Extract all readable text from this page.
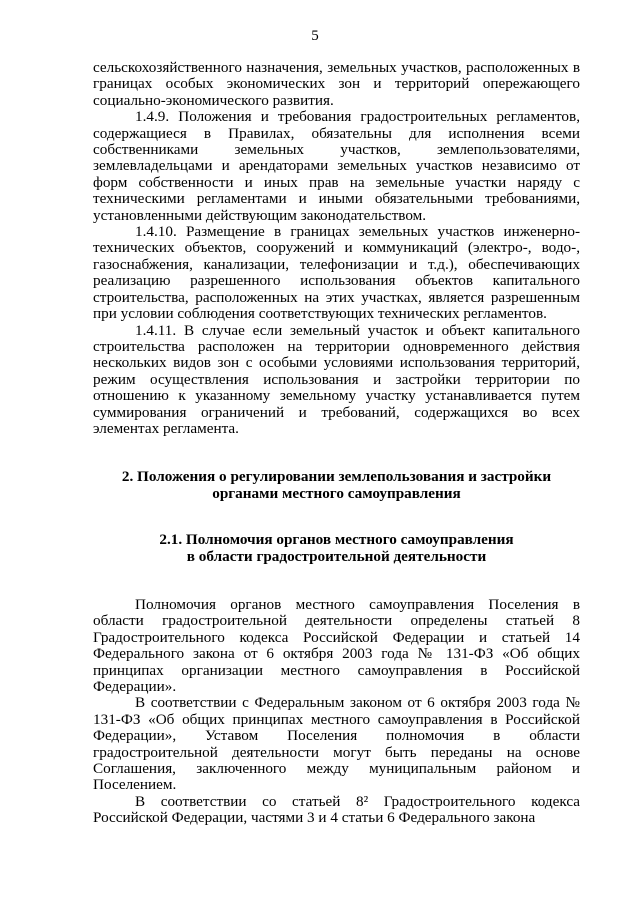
5

сельскохозяйственного назначения, земельных участков, расположенных в границах особых экономических зон и территорий опережающего социально-экономического развития.

1.4.9. Положения и требования градостроительных регламентов, содержащиеся в Правилах, обязательны для исполнения всеми собственниками земельных участков, землепользователями, землевладельцами и арендаторами земельных участков независимо от форм собственности и иных прав на земельные участки наряду с техническими регламентами и иными обязательными требованиями, установленными действующим законодательством.

1.4.10. Размещение в границах земельных участков инженерно-технических объектов, сооружений и коммуникаций (электро-, водо-, газоснабжения, канализации, телефонизации и т.д.), обеспечивающих реализацию разрешенного использования объектов капитального строительства, расположенных на этих участках, является разрешенным при условии соблюдения соответствующих технических регламентов.

1.4.11. В случае если земельный участок и объект капитального строительства расположен на территории одновременного действия нескольких видов зон с особыми условиями использования территорий, режим осуществления использования и застройки территории по отношению к указанному земельному участку устанавливается путем суммирования ограничений и требований, содержащихся во всех элементах регламента.

2. Положения о регулировании землепользования и застройки

органами местного самоуправления

2.1. Полномочия органов местного самоуправления

в области градостроительной деятельности

Полномочия органов местного самоуправления Поселения в области градостроительной деятельности определены статьей 8 Градостроительного кодекса Российской Федерации и статьей 14 Федерального закона от 6 октября 2003 года № 131-ФЗ «Об общих принципах организации местного самоуправления в Российской Федерации».

В соответствии с Федеральным законом от 6 октября 2003 года № 131-ФЗ «Об общих принципах местного самоуправления в Российской Федерации», Уставом Поселения полномочия в области градостроительной деятельности могут быть переданы на основе Соглашения, заключенного между муниципальным районом и Поселением.

В соответствии со статьей 8² Градостроительного кодекса Российской Федерации, частями 3 и 4 статьи 6 Федерального закона
